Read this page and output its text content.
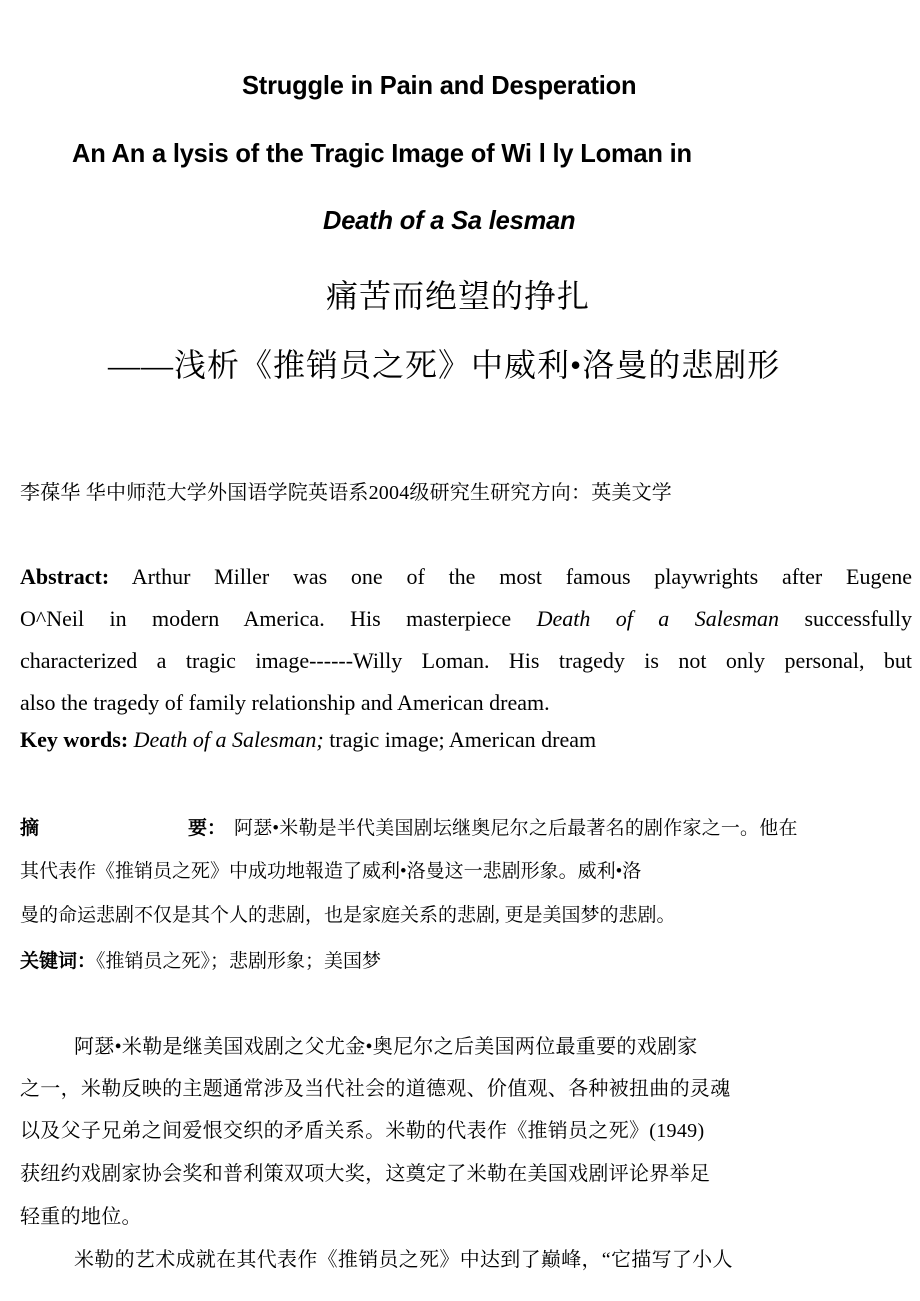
Struggle in Pain and Desperation
An An a lysis of the Tragic Image of Wi l ly Loman in
Death of a Sa lesman
痛苦而绝望的挣扎
——浅析《推销员之死》中威利•洛曼的悲剧形
李葆华 华中师范大学外国语学院英语系2004级研究生研究方向：英美文学
Abstract: Arthur Miller was one of the most famous playwrights after Eugene
O^Neil in modern America. His masterpiece Death of a Salesman successfully
characterized a tragic image------Willy Loman. His tragedy is not only personal, but
also the tragedy of family relationship and American dream.
Key words: Death of a Salesman; tragic image; American dream
摘	要： 阿瑟•米勒是半代美国剧坛继奥尼尔之后最著名的剧作家之一。他在
其代表作《推销员之死》中成功地報造了威利•洛曼这一悲剧形象。威利•洛
曼的命运悲剧不仅是其个人的悲剧，也是家庭关系的悲剧, 更是美国梦的悲剧。
关键词：《推销员之死》；悲剧形象；美国梦
阿瑟•米勒是继美国戏剧之父尤金•奥尼尔之后美国两位最重要的戏剧家
之一，米勒反映的主题通常涉及当代社会的道德观、价值观、各种被扭曲的灵魂
以及父子兄弟之间爱恨交织的矛盾关系。米勒的代表作《推销员之死》(1949)
获纽约戏剧家协会奖和普利策双项大奖，这奠定了米勒在美国戏剧评论界举足
轻重的地位。
米勒的艺术成就在其代表作《推销员之死》中达到了巅峰，“它描写了小人
